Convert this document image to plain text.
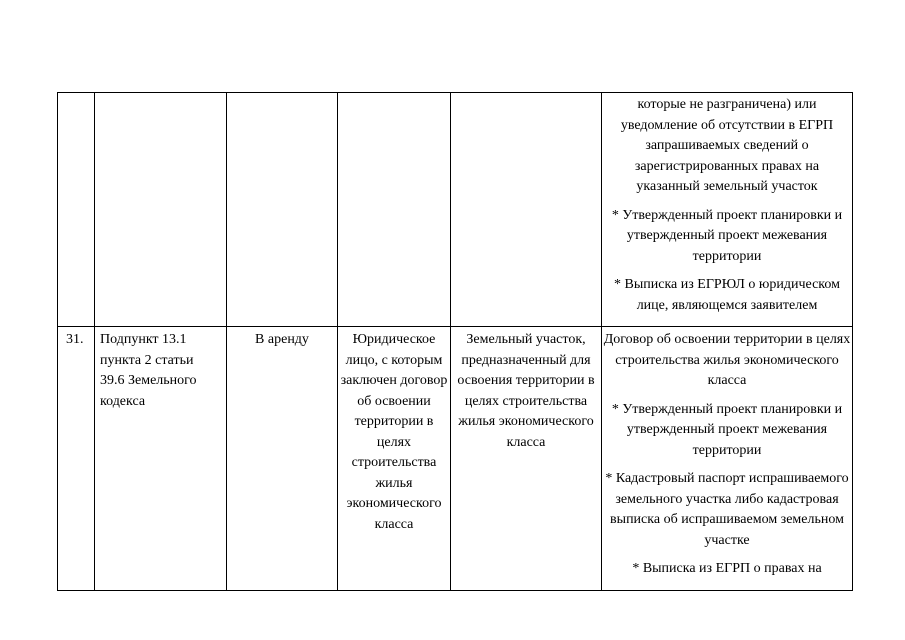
которые не разграничена) или уведомление об отсутствии в ЕГРП запрашиваемых сведений о зарегистрированных правах на указанный земельный участок

* Утвержденный проект планировки и утвержденный проект межевания территории

* Выписка из ЕГРЮЛ о юридическом лице, являющемся заявителем

31.	Подпункт 13.1 пункта 2 статьи 39.6 Земельного кодекса
В аренду	Юридическое лицо, с которым заключен договор об освоении территории в целях строительства жилья экономического класса
Земельный участок, предназначенный для освоения территории в целях строительства жилья экономического класса

Договор об освоении территории в целях строительства жилья экономического класса

* Утвержденный проект планировки и утвержденный проект межевания территории

* Кадастровый паспорт испрашиваемого земельного участка либо кадастровая выписка об испрашиваемом земельном участке

* Выписка из ЕГРП о правах на
